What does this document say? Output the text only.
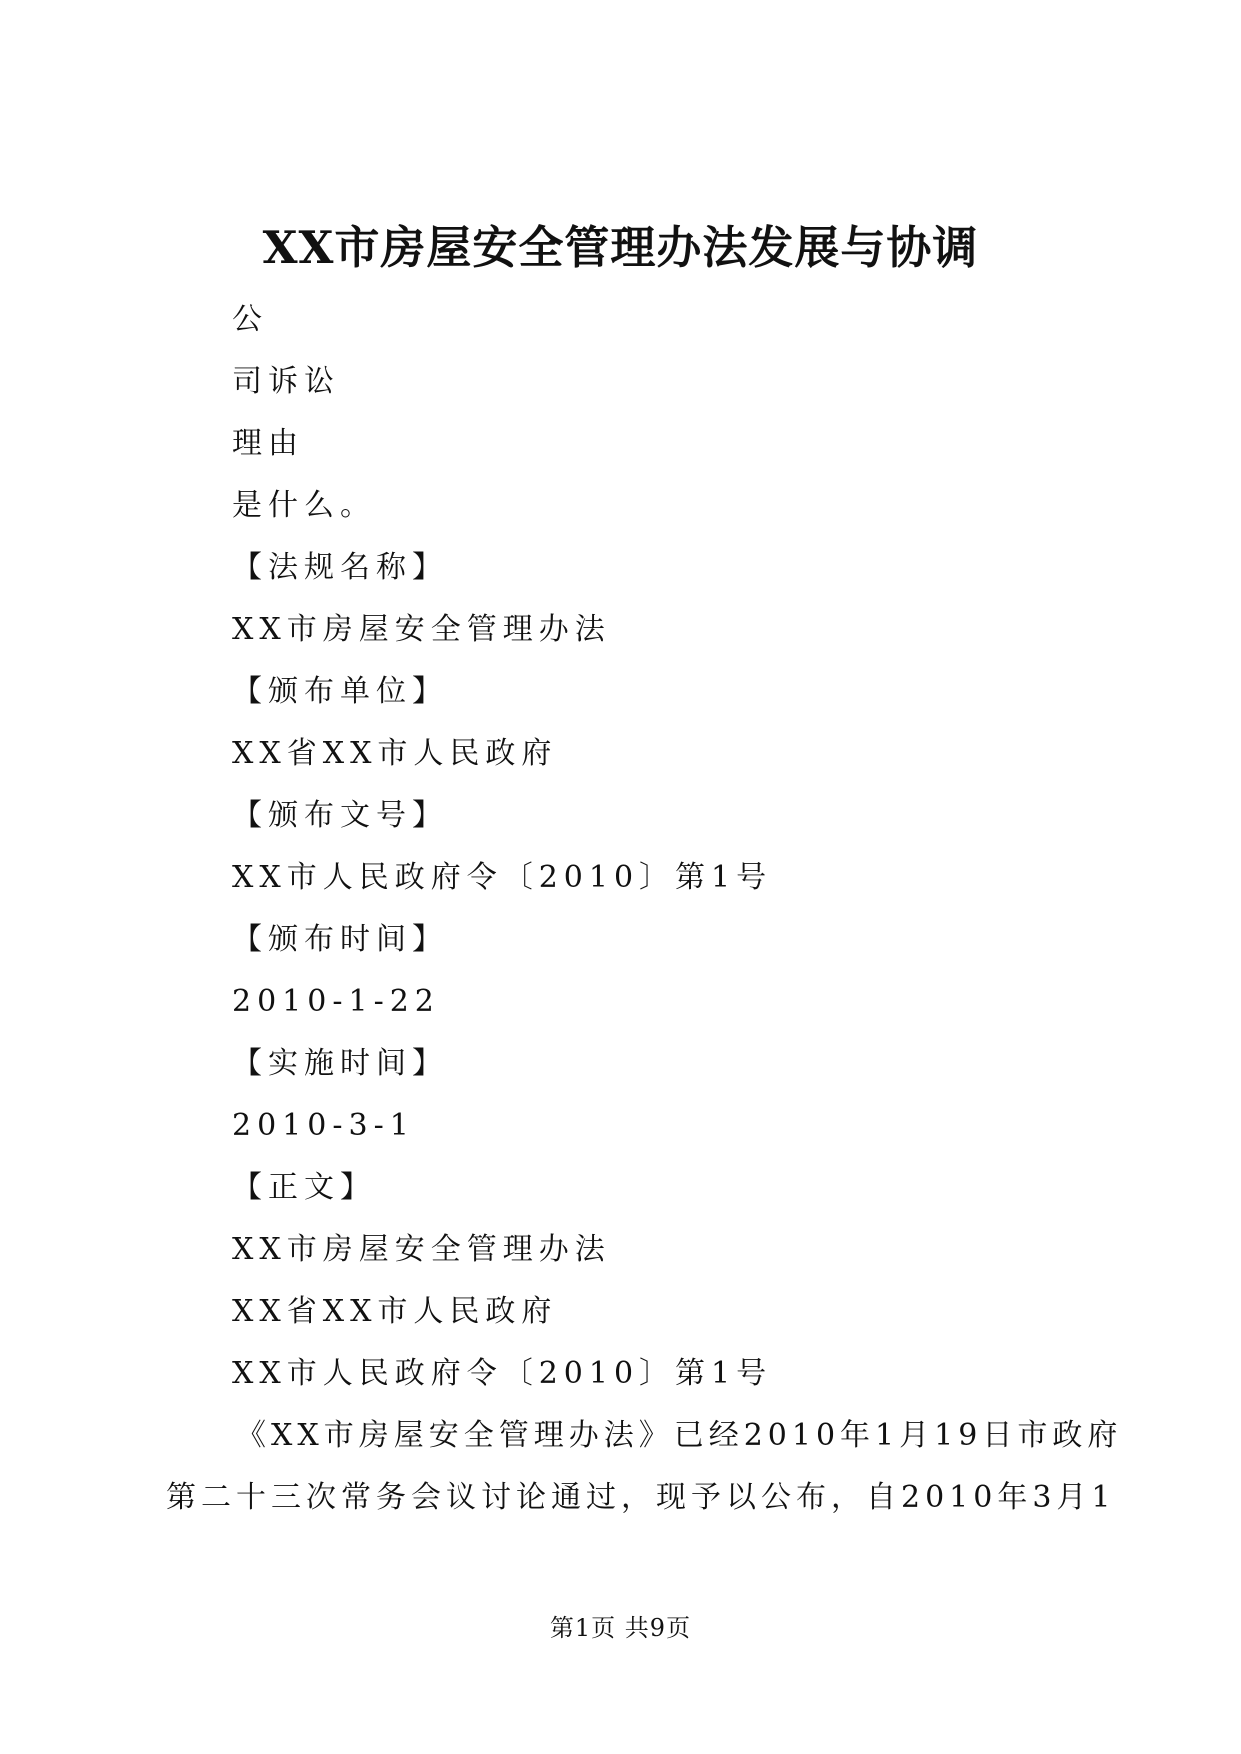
XX市房屋安全管理办法发展与协调
公
司诉讼
理由
是什么。
【法规名称】
XX市房屋安全管理办法
【颁布单位】
XX省XX市人民政府
【颁布文号】
XX市人民政府令〔2010〕第1号
【颁布时间】
2010-1-22
【实施时间】
2010-3-1
【正文】
XX市房屋安全管理办法
XX省XX市人民政府
XX市人民政府令〔2010〕第1号
《XX市房屋安全管理办法》已经2010年1月19日市政府
第二十三次常务会议讨论通过，现予以公布，自2010年3月1
第1页 共9页
